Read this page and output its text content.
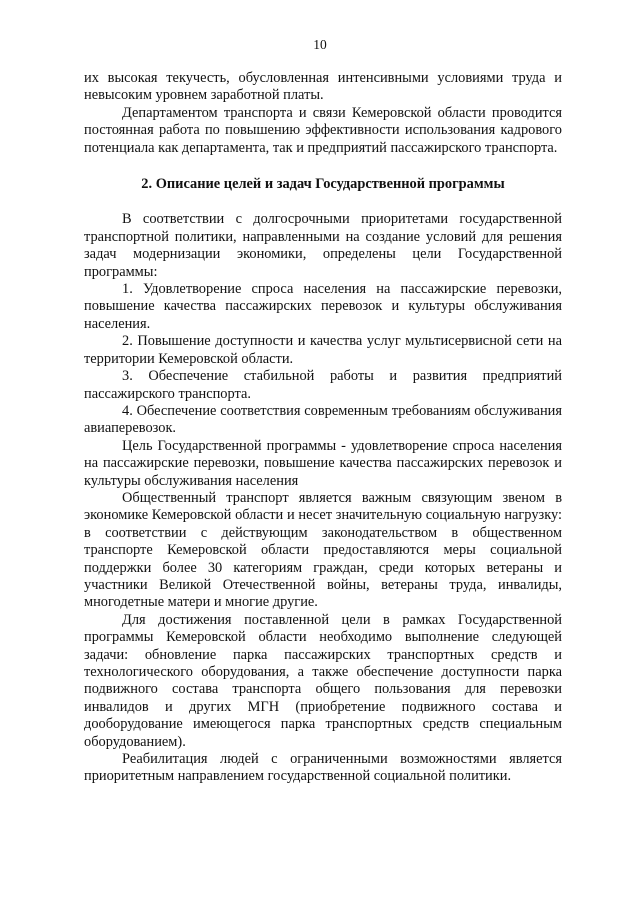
10

их высокая текучесть, обусловленная интенсивными условиями труда и невысоким уровнем заработной платы.

Департаментом транспорта и связи Кемеровской области проводится постоянная работа по повышению эффективности использования кадрового потенциала как департамента, так и предприятий пассажирского транспорта.

2. Описание целей и задач Государственной программы

В соответствии с долгосрочными приоритетами государственной транспортной политики, направленными на создание условий для решения задач модернизации экономики, определены цели Государственной программы:

1. Удовлетворение спроса населения на пассажирские перевозки, повышение качества пассажирских перевозок и культуры обслуживания населения.

2. Повышение доступности и качества услуг мультисервисной сети на территории Кемеровской области.

3. Обеспечение стабильной работы и развития предприятий пассажирского транспорта.

4. Обеспечение соответствия современным требованиям обслуживания авиаперевозок.

Цель Государственной программы - удовлетворение спроса населения на пассажирские перевозки, повышение качества пассажирских перевозок и культуры обслуживания населения

Общественный транспорт является важным связующим звеном в экономике Кемеровской области и несет значительную социальную нагрузку: в соответствии с действующим законодательством в общественном транспорте Кемеровской области предоставляются меры социальной поддержки более 30 категориям граждан, среди которых ветераны и участники Великой Отечественной войны, ветераны труда, инвалиды, многодетные матери и многие другие.

Для достижения поставленной цели в рамках Государственной программы Кемеровской области необходимо выполнение следующей задачи: обновление парка пассажирских транспортных средств и технологического оборудования, а также обеспечение доступности парка подвижного состава транспорта общего пользования для перевозки инвалидов и других МГН (приобретение подвижного состава и дооборудование имеющегося парка транспортных средств специальным оборудованием).

Реабилитация людей с ограниченными возможностями является приоритетным направлением государственной социальной политики.
